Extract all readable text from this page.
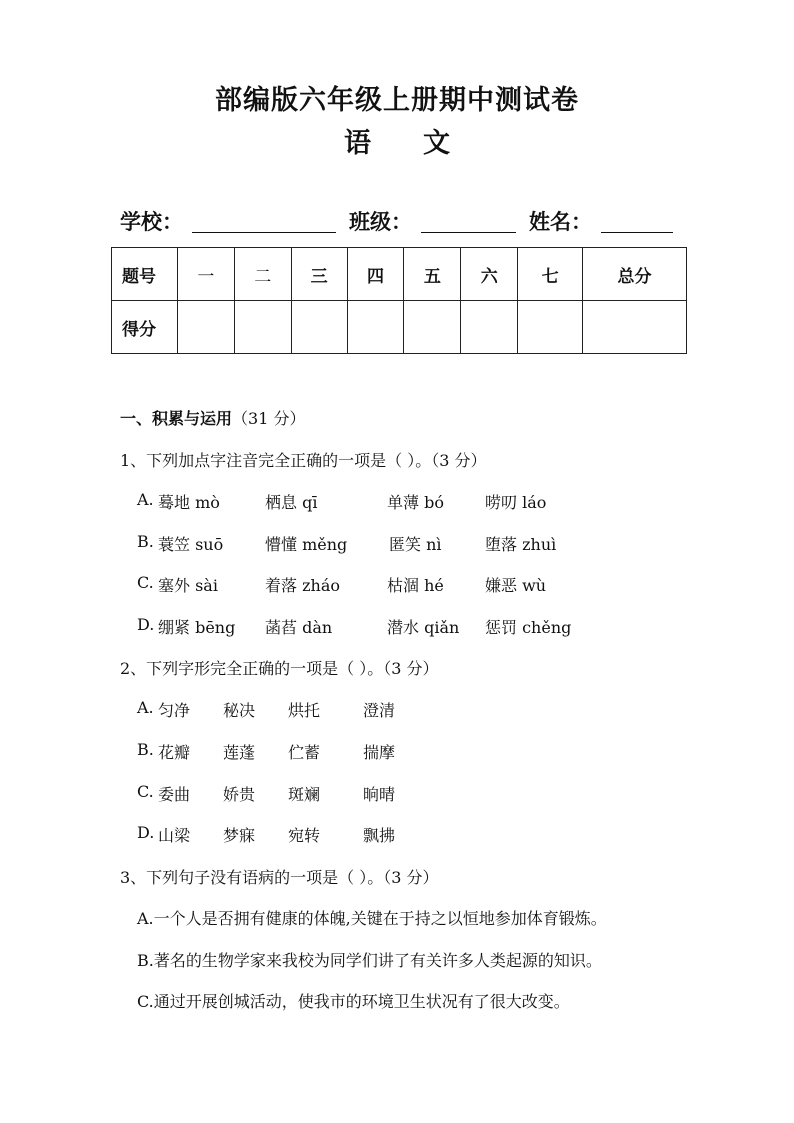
部编版六年级上册期中测试卷
语 文
学校：	班级：	姓名：
题号	一	二	三	四	五	六	七	总分
得分								
一、积累与运用（31 分）
1、下列加点字注音完全正确的一项是（ ）。（3 分）
A. 蓦地 mò	栖息 qī	单薄 bó	唠叨 láo
B. 蓑笠 suō	懵懂 měng	匿笑 nì	堕落 zhuì
C. 塞外 sài	着落 zháo	枯涸 hé	嫌恶 wù
D. 绷紧 bēng 菡萏 dàn	潜水 qiǎn 惩罚 chěng
2、下列字形完全正确的一项是（ ）。（3 分）
A. 匀净 秘决 烘托	澄清
B. 花瓣 莲蓬 伫蓄	揣摩
C. 委曲 娇贵 斑斓	晌晴
D. 山梁 梦寐 宛转	飘拂
3、下列句子没有语病的一项是（ ）。（3 分）
A.一个人是否拥有健康的体魄,关键在于持之以恒地参加体育锻炼。
B.著名的生物学家来我校为同学们讲了有关许多人类起源的知识。
C.通过开展创城活动，使我市的环境卫生状况有了很大改变。
